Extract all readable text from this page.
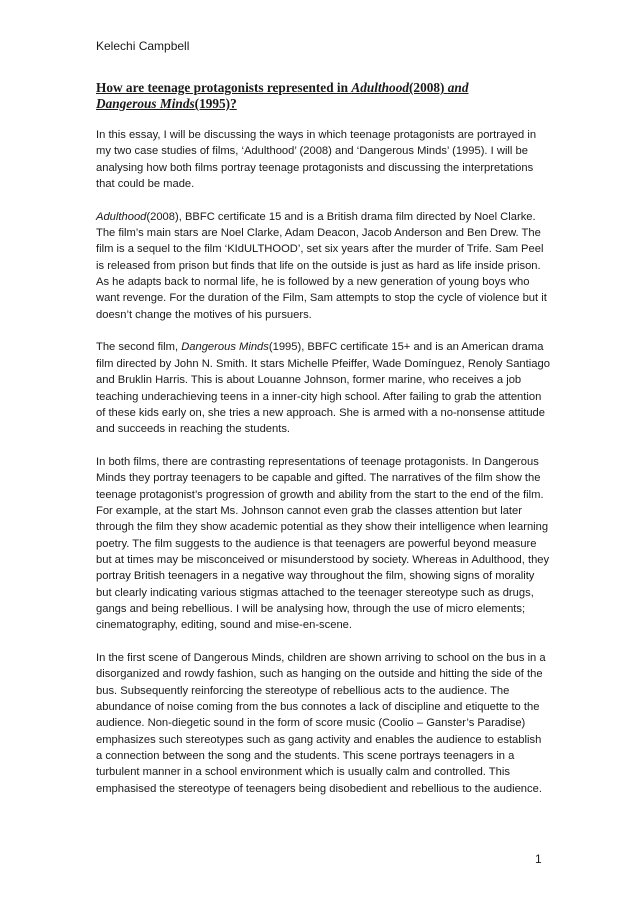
Kelechi Campbell
How are teenage protagonists represented in Adulthood(2008) and
Dangerous Minds(1995)?

In this essay, I will be discussing the ways in which teenage protagonists are portrayed in my two case studies of films, ‘Adulthood’ (2008) and ‘Dangerous Minds’ (1995). I will be analysing how both films portray teenage protagonists and discussing the interpretations that could be made.

Adulthood(2008), BBFC certificate 15 and is a British drama film directed by Noel Clarke. The film’s main stars are Noel Clarke, Adam Deacon, Jacob Anderson and Ben Drew. The film is a sequel to the film ‘KIdULTHOOD’, set six years after the murder of Trife. Sam Peel is released from prison but finds that life on the outside is just as hard as life inside prison. As he adapts back to normal life, he is followed by a new generation of young boys who want revenge. For the duration of the Film, Sam attempts to stop the cycle of violence but it doesn’t change the motives of his pursuers.

The second film, Dangerous Minds(1995), BBFC certificate 15+ and is an American drama film directed by John N. Smith. It stars Michelle Pfeiffer, Wade Domínguez, Renoly Santiago and Bruklin Harris. This is about Louanne Johnson, former marine, who receives a job teaching underachieving teens in a inner-city high school. After failing to grab the attention of these kids early on, she tries a new approach. She is armed with a no-nonsense attitude and succeeds in reaching the students.

In both films, there are contrasting representations of teenage protagonists. In Dangerous Minds they portray teenagers to be capable and gifted. The narratives of the film show the teenage protagonist’s progression of growth and ability from the start to the end of the film. For example, at the start Ms. Johnson cannot even grab the classes attention but later through the film they show academic potential as they show their intelligence when learning poetry. The film suggests to the audience is that teenagers are powerful beyond measure but at times may be misconceived or misunderstood by society. Whereas in Adulthood, they portray British teenagers in a negative way throughout the film, showing signs of morality but clearly indicating various stigmas attached to the teenager stereotype such as drugs, gangs and being rebellious. I will be analysing how, through the use of micro elements; cinematography, editing, sound and mise-en-scene.

In the first scene of Dangerous Minds, children are shown arriving to school on the bus in a disorganized and rowdy fashion, such as hanging on the outside and hitting the side of the bus. Subsequently reinforcing the stereotype of rebellious acts to the audience. The abundance of noise coming from the bus connotes a lack of discipline and etiquette to the audience. Non-diegetic sound in the form of score music (Coolio – Ganster’s Paradise) emphasizes such stereotypes such as gang activity and enables the audience to establish a connection between the song and the students. This scene portrays teenagers in a turbulent manner in a school environment which is usually calm and controlled. This emphasised the stereotype of teenagers being disobedient and rebellious to the audience.

1
